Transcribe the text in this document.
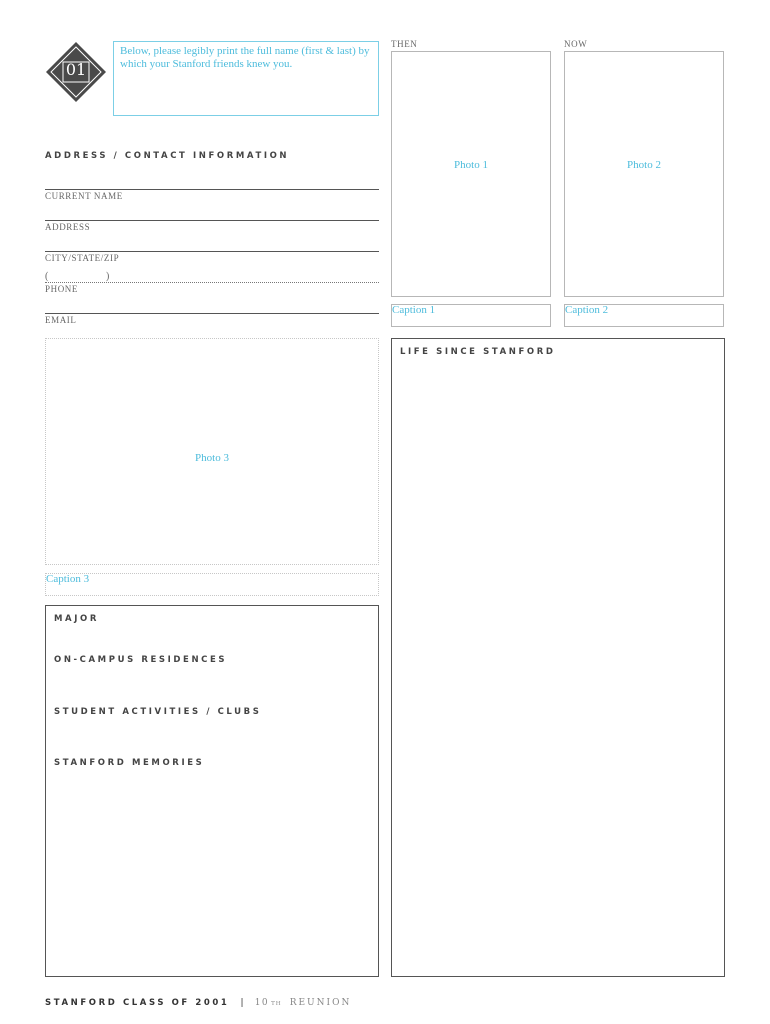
01
Below, please legibly print the full name (first & last) by which your Stanford friends knew you.
THEN	NOW
Photo 1	Photo 2
Caption 1	Caption 2
ADDRESS / CONTACT INFORMATION
CURRENT NAME
ADDRESS
CITY/STATE/ZIP
(	)
PHONE
EMAIL
Photo 3
Caption 3
MAJOR
ON-CAMPUS RESIDENCES
STUDENT ACTIVITIES / CLUBS
STANFORD MEMORIES
LIFE SINCE STANFORD
STANFORD CLASS OF 2001 | 10 TH REUNION
